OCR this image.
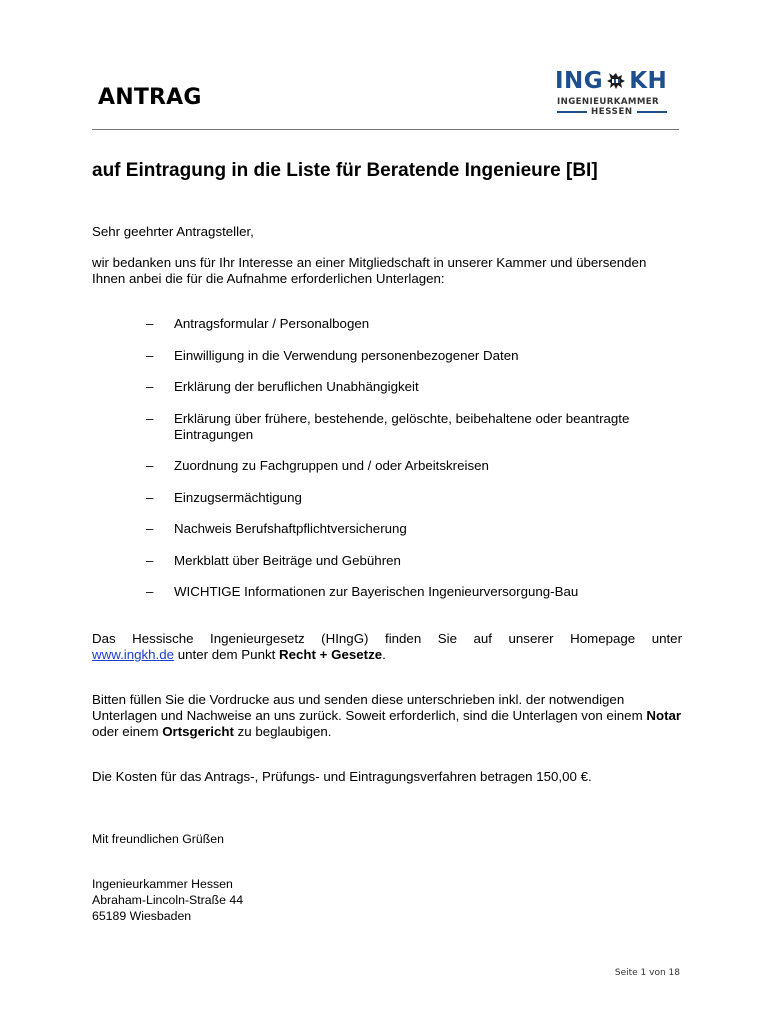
ANTRAG
ING KH
INGENIEURKAMMER
HESSEN
auf Eintragung in die Liste für Beratende Ingenieure [BI]

Sehr geehrter Antragsteller,

wir bedanken uns für Ihr Interesse an einer Mitgliedschaft in unserer Kammer und übersenden Ihnen anbei die für die Aufnahme erforderlichen Unterlagen:

– Antragsformular / Personalbogen
– Einwilligung in die Verwendung personenbezogener Daten
– Erklärung der beruflichen Unabhängigkeit
– Erklärung über frühere, bestehende, gelöschte, beibehaltene oder beantragte Eintragungen
– Zuordnung zu Fachgruppen und / oder Arbeitskreisen
– Einzugsermächtigung
– Nachweis Berufshaftpflichtversicherung
– Merkblatt über Beiträge und Gebühren
– WICHTIGE Informationen zur Bayerischen Ingenieurversorgung-Bau
Das Hessische Ingenieurgesetz (HIngG) finden Sie auf unserer Homepage unter
www.ingkh.de unter dem Punkt Recht + Gesetze.

Bitten füllen Sie die Vordrucke aus und senden diese unterschrieben inkl. der notwendigen Unterlagen und Nachweise an uns zurück. Soweit erforderlich, sind die Unterlagen von einem Notar oder einem Ortsgericht zu beglaubigen.

Die Kosten für das Antrags-, Prüfungs- und Eintragungsverfahren betragen 150,00 €.

Mit freundlichen Grüßen

Ingenieurkammer Hessen
Abraham-Lincoln-Straße 44
65189 Wiesbaden
Seite 1 von 18
